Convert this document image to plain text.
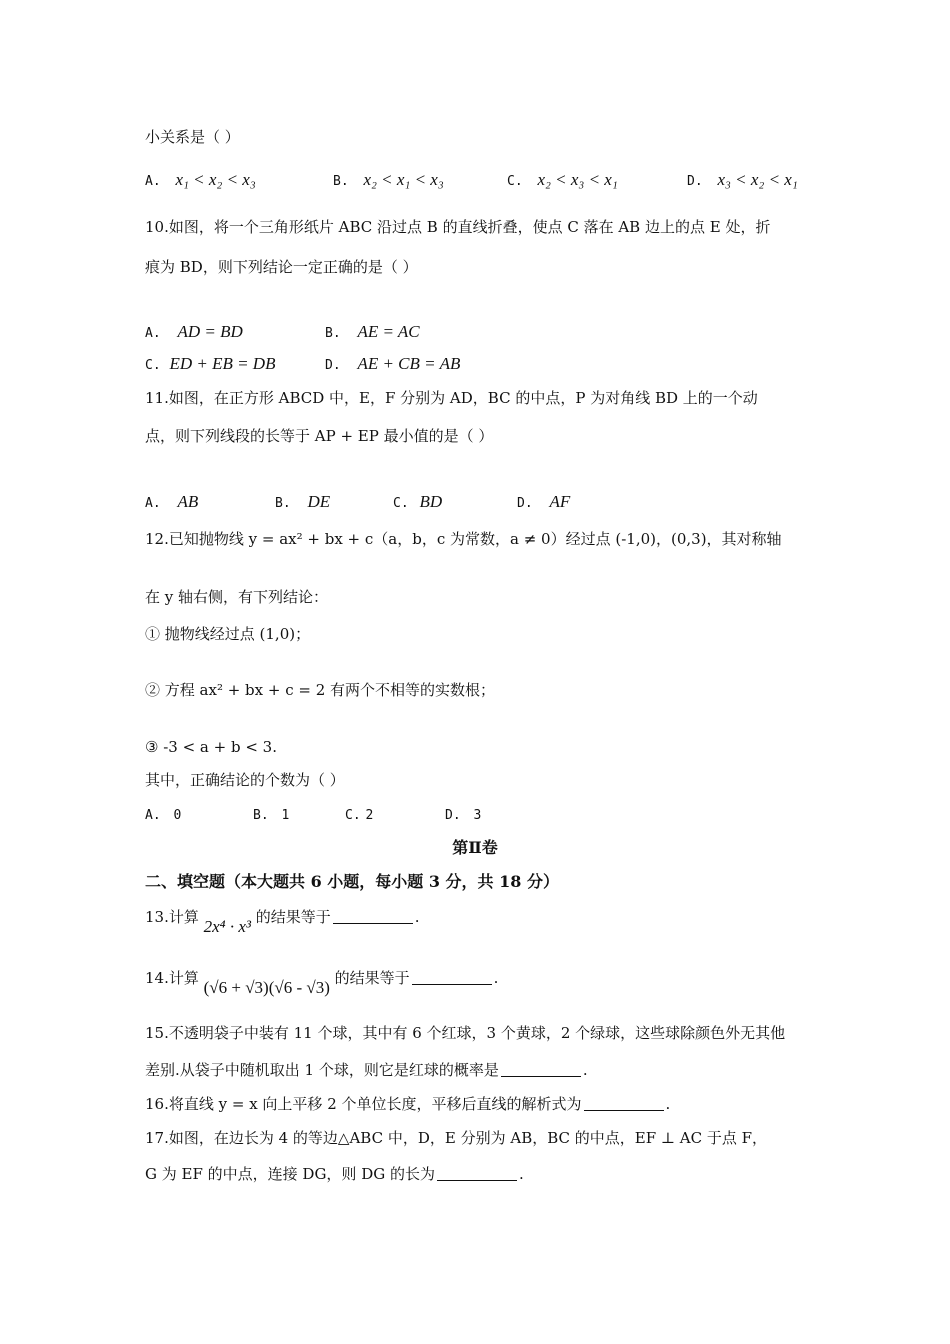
小关系是（ ）
A. x₁ < x₂ < x₃	B. x₂ < x₁ < x₃	C. x₂ < x₃ < x₁	D. x₃ < x₂ < x₁
10.如图，将一个三角形纸片 ABC 沿过点 B 的直线折叠，使点 C 落在 AB 边上的点 E 处，折
痕为 BD，则下列结论一定正确的是（ ）
A. AD = BD	B. AE = AC
C. ED + EB = DB	D. AE + CB = AB
11.如图，在正方形 ABCD 中，E，F 分别为 AD，BC 的中点，P 为对角线 BD 上的一个动
点，则下列线段的长等于 AP + EP 最小值的是（ ）
A. AB	B. DE	C. BD	D. AF
12.已知抛物线 y = ax² + bx + c（a，b，c 为常数，a ≠ 0）经过点 (-1,0)，(0,3)，其对称轴
在 y 轴右侧，有下列结论：
① 抛物线经过点 (1,0)；
② 方程 ax² + bx + c = 2 有两个不相等的实数根；
③ -3 < a + b < 3.
其中，正确结论的个数为（ ）
A. 0	B. 1	C. 2	D. 3
第Ⅱ卷
二、填空题（本大题共 6 小题，每小题 3 分，共 18 分）
13.计算 2x⁴ · x³ 的结果等于	.
14.计算 (√6 + √3)(√6 - √3) 的结果等于	.
15.不透明袋子中装有 11 个球，其中有 6 个红球，3 个黄球，2 个绿球，这些球除颜色外无其他
差别.从袋子中随机取出 1 个球，则它是红球的概率是	.
16.将直线 y = x 向上平移 2 个单位长度，平移后直线的解析式为	.
17.如图，在边长为 4 的等边△ABC 中，D，E 分别为 AB，BC 的中点，EF ⊥ AC 于点 F，
G 为 EF 的中点，连接 DG，则 DG 的长为	.
